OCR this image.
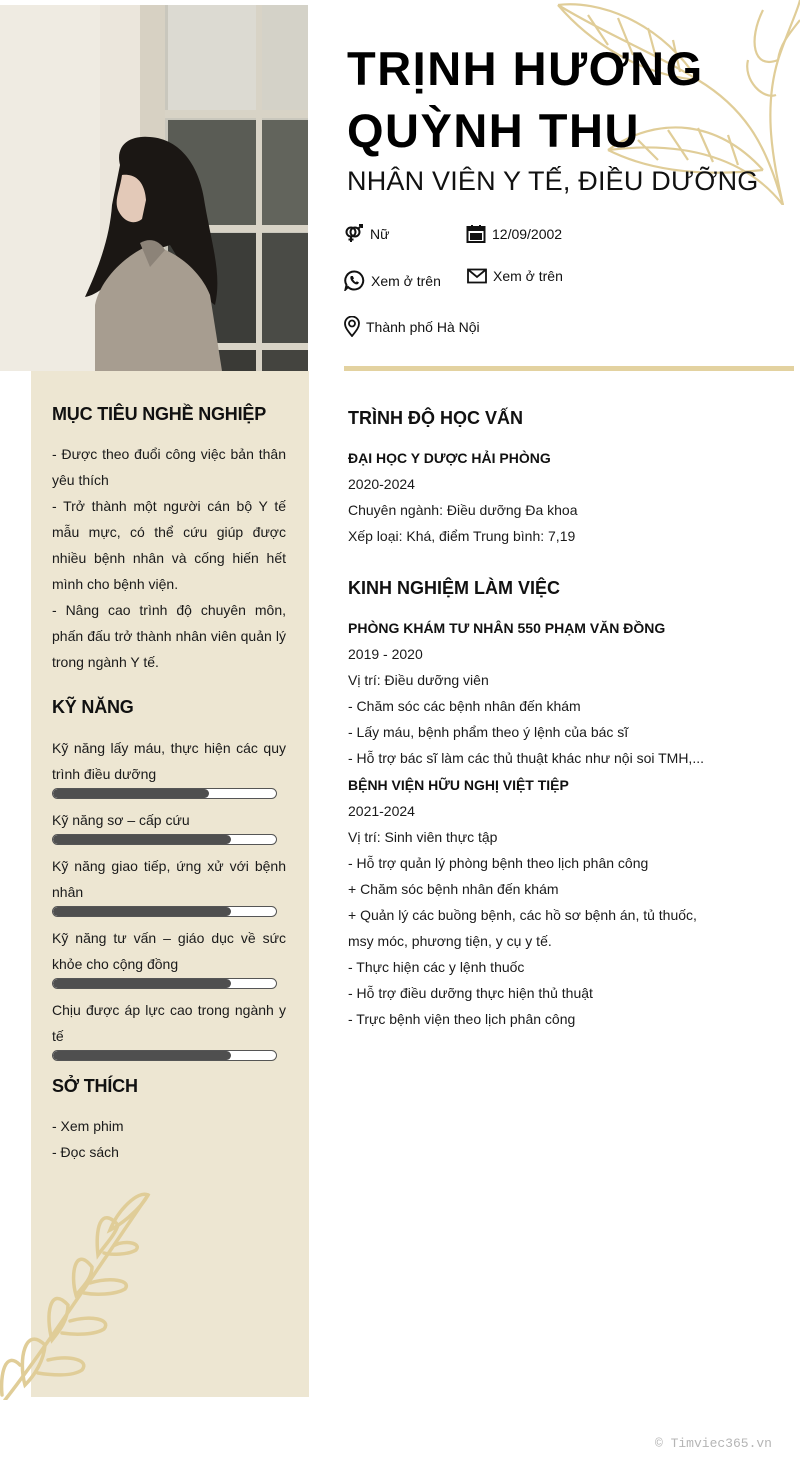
MỤC TIÊU NGHỀ NGHIỆP
- Được theo đuổi công việc bản thân yêu thích
- Trở thành một người cán bộ Y tế mẫu mực, có thể cứu giúp được nhiều bệnh nhân và cống hiến hết mình cho bệnh viện.
- Nâng cao trình độ chuyên môn, phấn đấu trở thành nhân viên quản lý trong ngành Y tế.
KỸ NĂNG
Kỹ năng lấy máu, thực hiện các quy trình điều dưỡng
Kỹ năng sơ – cấp cứu
Kỹ năng giao tiếp, ứng xử với bệnh nhân
Kỹ năng tư vấn – giáo dục về sức khỏe cho cộng đồng
Chịu được áp lực cao trong ngành y tế
SỞ THÍCH
- Xem phim
- Đọc sách
TRỊNH HƯƠNG
QUỲNH THU
NHÂN VIÊN Y TẾ, ĐIỀU DƯỠNG
Nữ	12/09/2002
Xem ở trên	Xem ở trên
Thành phố Hà Nội
TRÌNH ĐỘ HỌC VẤN
ĐẠI HỌC Y DƯỢC HẢI PHÒNG
2020-2024
Chuyên ngành: Điều dưỡng Đa khoa
Xếp loại: Khá, điểm Trung bình: 7,19
KINH NGHIỆM LÀM VIỆC
PHÒNG KHÁM TƯ NHÂN 550 PHẠM VĂN ĐỒNG
2019 - 2020
Vị trí: Điều dưỡng viên
- Chăm sóc các bệnh nhân đến khám
- Lấy máu, bệnh phẩm theo ý lệnh của bác sĩ
- Hỗ trợ bác sĩ làm các thủ thuật khác như nội soi TMH,...
BỆNH VIỆN HỮU NGHỊ VIỆT TIỆP
2021-2024
Vị trí: Sinh viên thực tập
- Hỗ trợ quản lý phòng bệnh theo lịch phân công
+ Chăm sóc bệnh nhân đến khám
+ Quản lý các buồng bệnh, các hồ sơ bệnh án, tủ thuốc, msy móc, phương tiện, y cụ y tế.
- Thực hiện các y lệnh thuốc
- Hỗ trợ điều dưỡng thực hiện thủ thuật
- Trực bệnh viện theo lịch phân công
© Timviec365.vn
